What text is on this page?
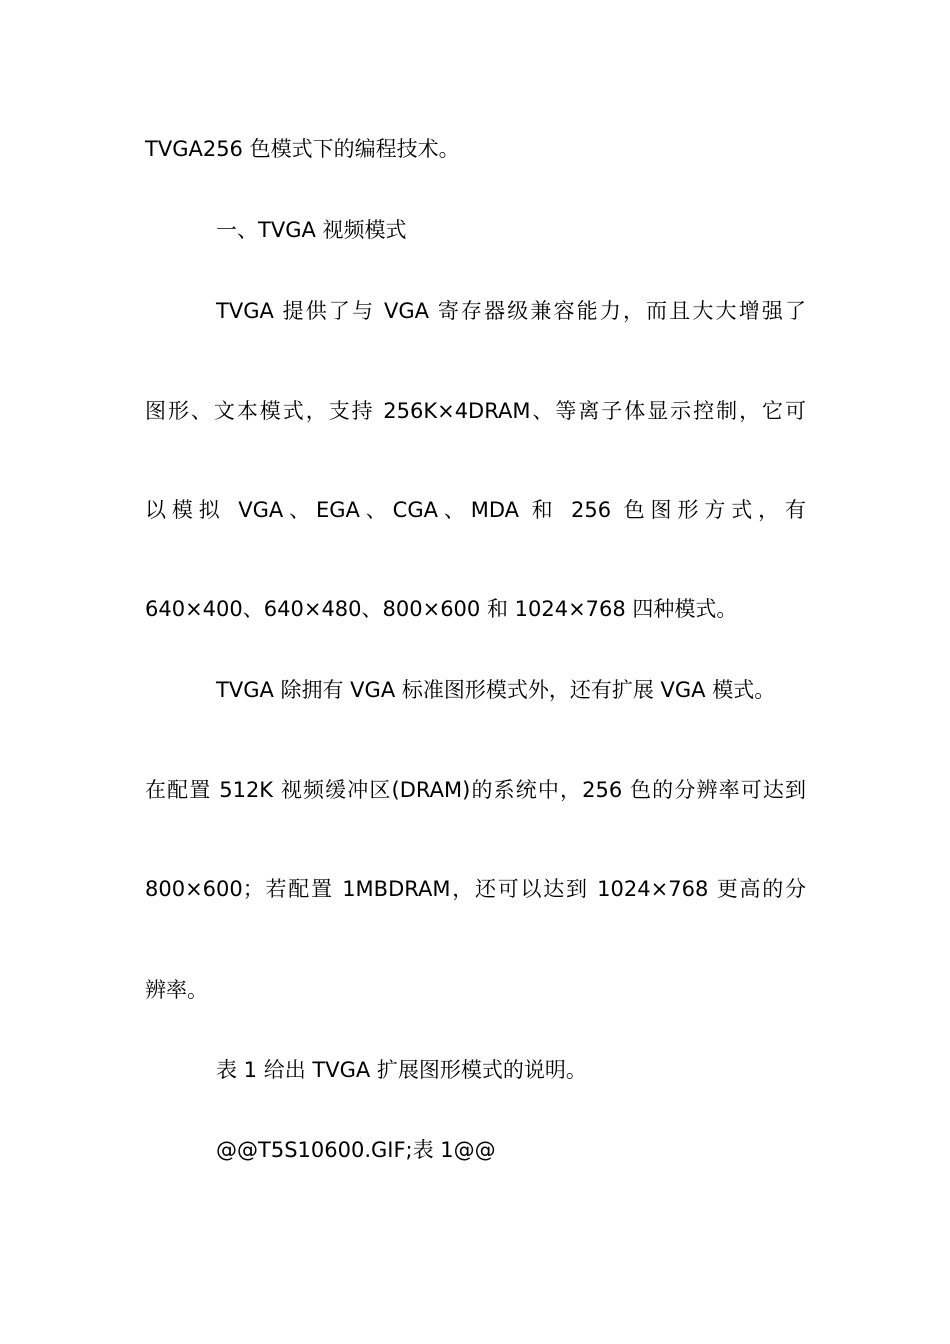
TVGA256 色模式下的编程技术。

一、TVGA 视频模式

TVGA 提供了与 VGA 寄存器级兼容能力，而且大大增强了

图形、文本模式，支持 256K×4DRAM、等离子体显示控制，它可

以模拟 VGA、EGA、CGA、MDA 和 256 色图形方式，有

640×400、640×480、800×600 和 1024×768 四种模式。

TVGA 除拥有 VGA 标准图形模式外，还有扩展 VGA 模式。

在配置 512K 视频缓冲区(DRAM)的系统中，256 色的分辨率可达到

800×600；若配置 1MBDRAM，还可以达到 1024×768 更高的分

辨率。

表 1 给出 TVGA 扩展图形模式的说明。

@@T5S10600.GIF;表 1@@
